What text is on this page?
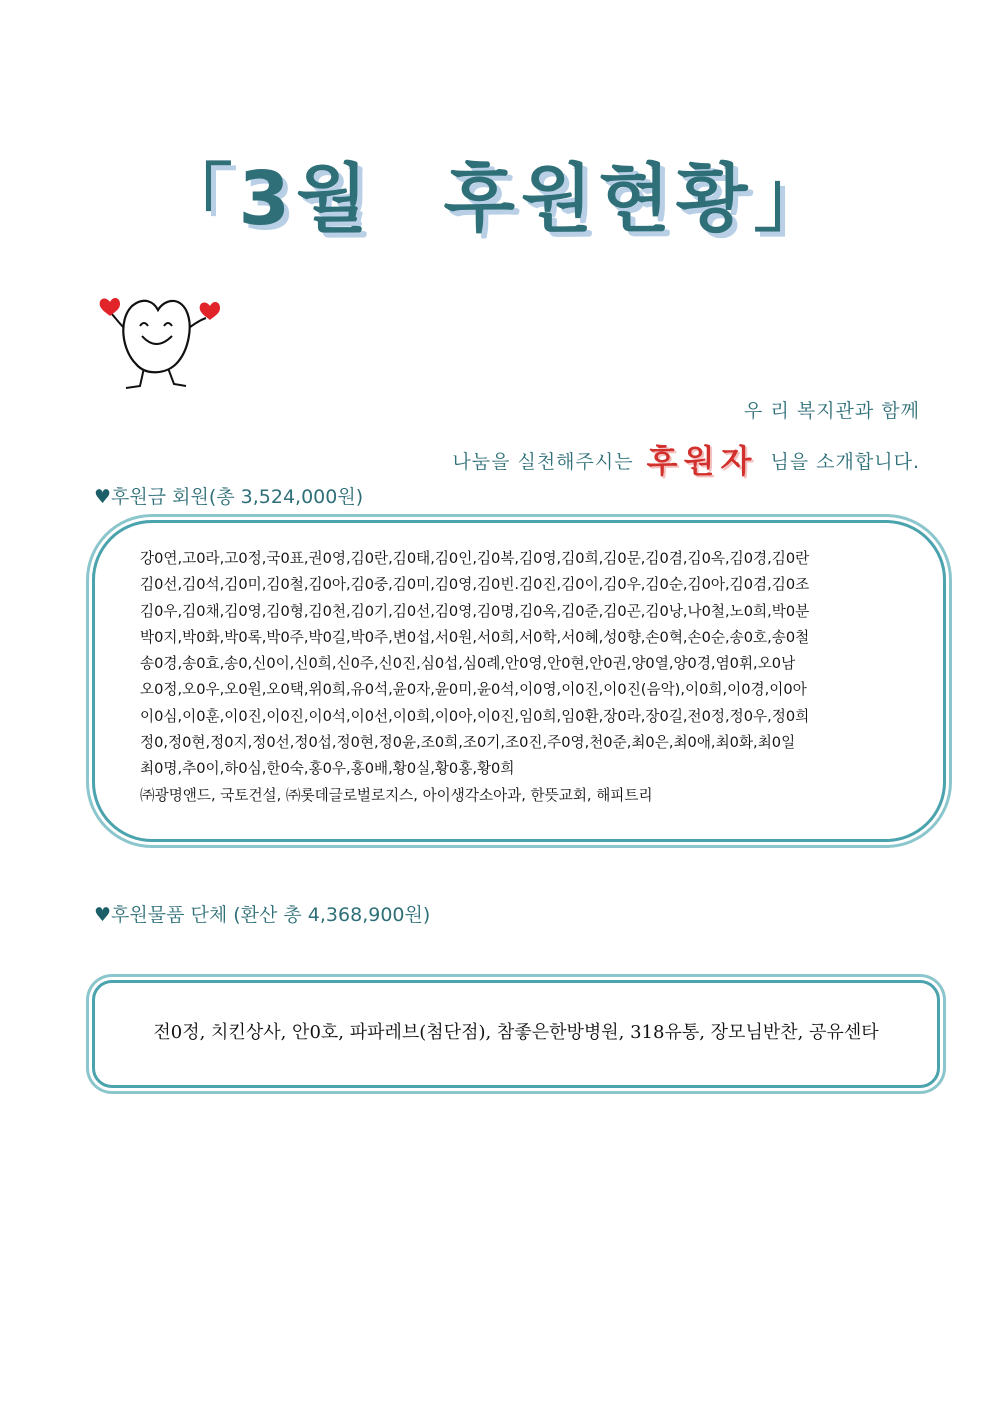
「3월 후원현황」
우 리 복지관과 함께
나눔을 실천해주시는 후원자 님을 소개합니다.
♥후원금 회원(총 3,524,000원)
강0연,고0라,고0정,국0표,권0영,김0란,김0태,김0인,김0복,김0영,김0희,김0문,김0겸,김0옥,김0경,김0란
김0선,김0석,김0미,김0철,김0아,김0중,김0미,김0영,김0빈.김0진,김0이,김0우,김0순,김0아,김0겸,김0조
김0우,김0채,김0영,김0형,김0천,김0기,김0선,김0영,김0명,김0옥,김0준,김0곤,김0낭,나0철,노0희,박0분
박0지,박0화,박0록,박0주,박0길,박0주,변0섭,서0원,서0희,서0학,서0혜,성0향,손0혁,손0순,송0호,송0철
송0경,송0효,송0,신0이,신0희,신0주,신0진,심0섭,심0례,안0영,안0현,안0권,양0열,양0경,염0휘,오0남
오0정,오0우,오0원,오0택,위0희,유0석,윤0자,윤0미,윤0석,이0영,이0진,이0진(음악),이0희,이0경,이0아
이0심,이0훈,이0진,이0진,이0석,이0선,이0희,이0아,이0진,임0희,임0환,장0라,장0길,전0정,정0우,정0희
정0,정0현,정0지,정0선,정0섭,정0현,정0윤,조0희,조0기,조0진,주0영,천0준,최0은,최0애,최0화,최0일
최0명,추0이,하0심,한0숙,홍0우,홍0배,황0실,황0홍,황0희
㈜광명앤드, 국토건설, ㈜롯데글로벌로지스, 아이생각소아과, 한뜻교회, 해피트리
♥후원물품 단체 (환산 총 4,368,900원)
전0정, 치킨상사, 안0호, 파파레브(첨단점), 참좋은한방병원, 318유통, 장모님반찬, 공유센타
